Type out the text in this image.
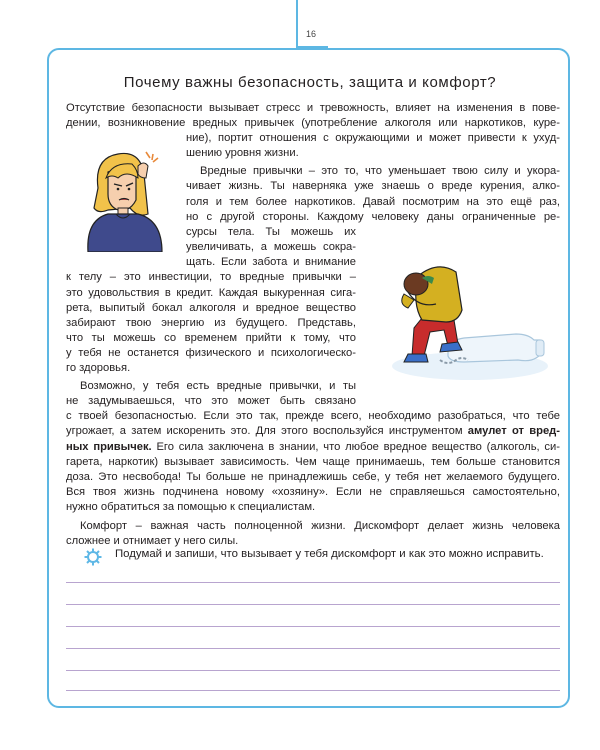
16
Почему важны безопасность, защита и комфорт?

Отсутствие безопасности вызывает стресс и тревожность, влияет на изменения в пове-

дении, возникновение вредных привычек (употребление алкоголя или наркотиков, куре-

ние), портит отношения с окружающими и может привести к ухуд-

шению уровня жизни.

Вредные привычки – это то, что уменьшает твою силу и укора-

чивает жизнь. Ты наверняка уже знаешь о вреде курения, алко-

голя и тем более наркотиков. Давай посмотрим на это ещё раз,

но с другой стороны. Каждому человеку даны ограниченные ре-

сурсы тела. Ты можешь их

увеличивать, а можешь сокра-

щать. Если забота и внимание

к телу – это инвестиции, то вредные привычки –

это удовольствия в кредит. Каждая выкуренная сига-

рета, выпитый бокал алкоголя и вредное вещество

забирают твою энергию из будущего. Представь,

что ты можешь со временем прийти к тому, что

у тебя не останется физического и психологическо-

го здоровья.

Возможно, у тебя есть вредные привычки, и ты

не задумываешься, что это может быть связано

с твоей безопасностью. Если это так, прежде всего, необходимо разобраться, что тебе

угрожает, а затем искоренить это. Для этого воспользуйся инструментом амулет от вред-

ных привычек. Его сила заключена в знании, что любое вредное вещество (алкоголь, си-

гарета, наркотик) вызывает зависимость. Чем чаще принимаешь, тем больше становится

доза. Это несвобода! Ты больше не принадлежишь себе, у тебя нет желаемого будущего.

Вся твоя жизнь подчинена новому «хозяину». Если не справляешься самостоятельно,

нужно обратиться за помощью к специалистам.

Комфорт – важная часть полноценной жизни. Дискомфорт делает жизнь человека

сложнее и отнимает у него силы.

Подумай и запиши, что вызывает у тебя дискомфорт и как это можно исправить.
